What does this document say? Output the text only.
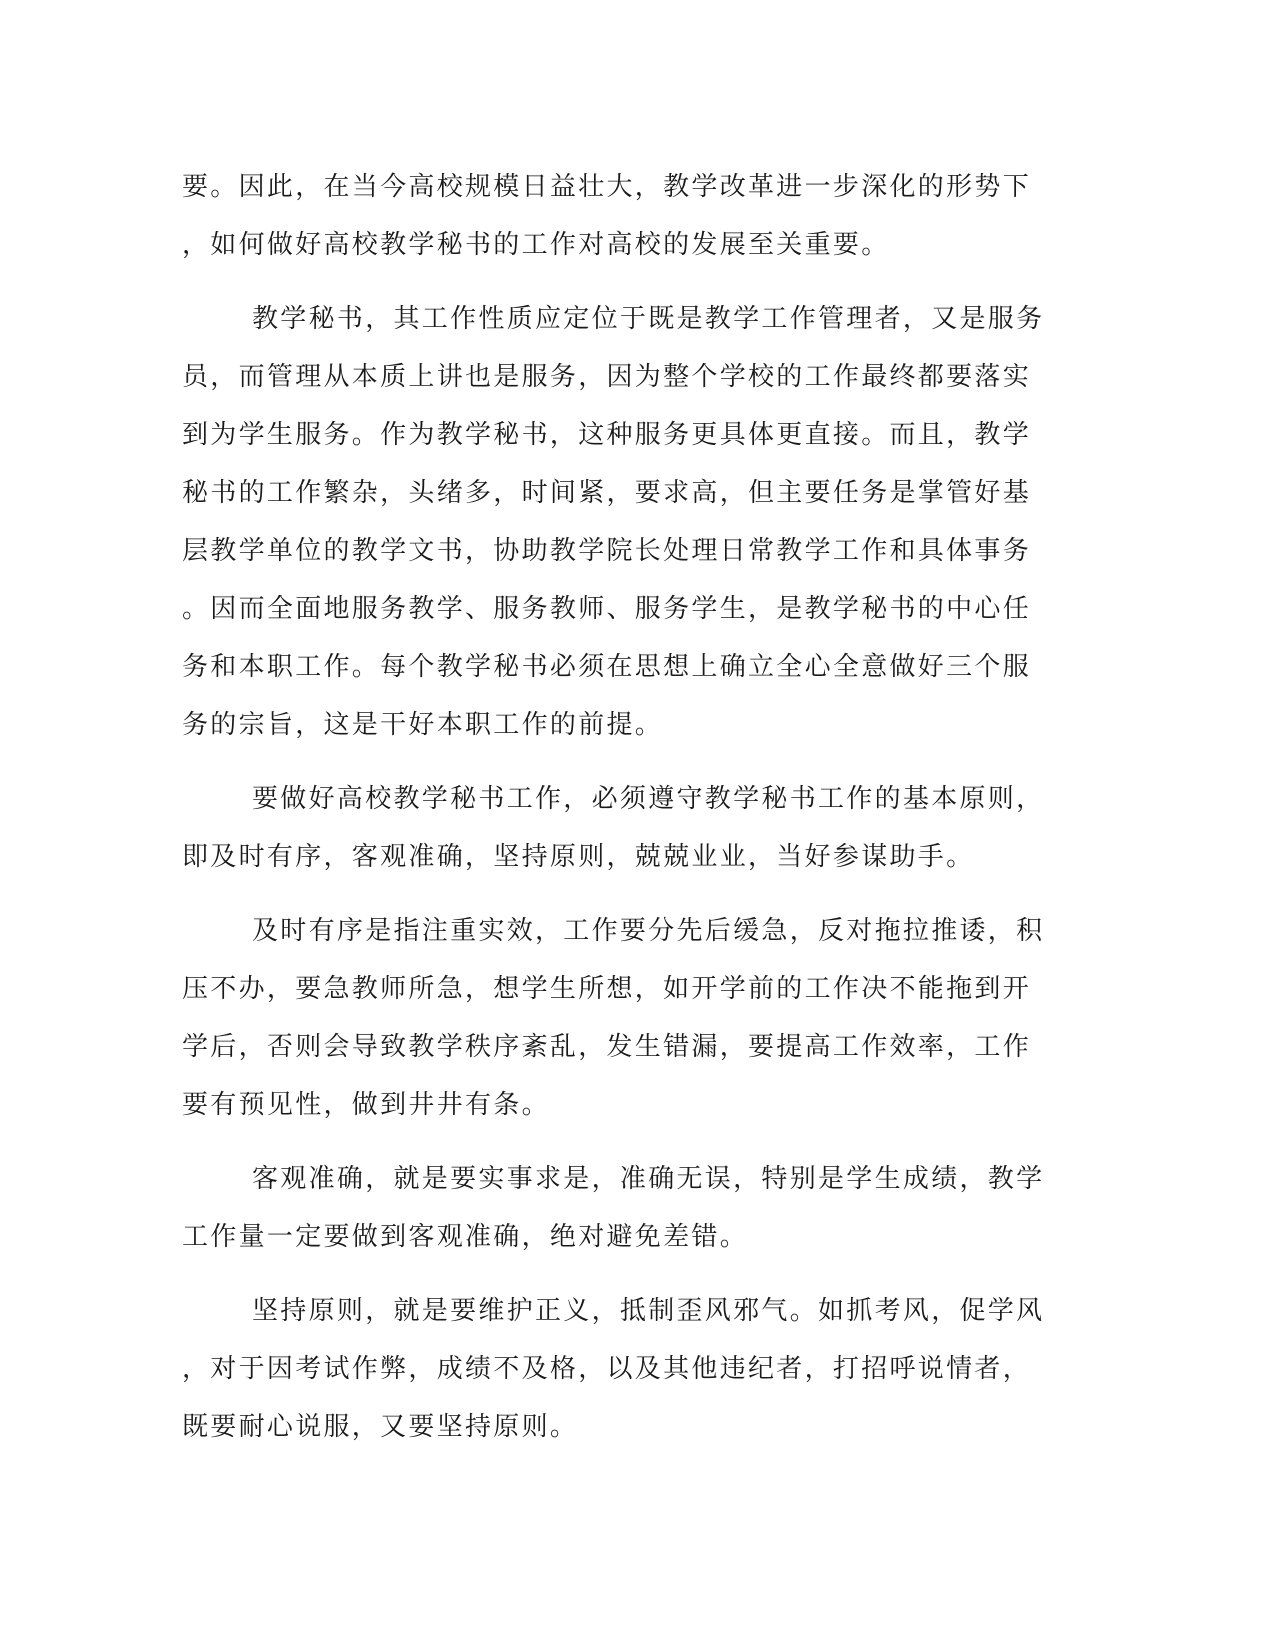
要。因此，在当今高校规模日益壮大，教学改革进一步深化的形势下
，如何做好高校教学秘书的工作对高校的发展至关重要。
教学秘书，其工作性质应定位于既是教学工作管理者，又是服务
员，而管理从本质上讲也是服务，因为整个学校的工作最终都要落实
到为学生服务。作为教学秘书，这种服务更具体更直接。而且，教学
秘书的工作繁杂，头绪多，时间紧，要求高，但主要任务是掌管好基
层教学单位的教学文书，协助教学院长处理日常教学工作和具体事务
。因而全面地服务教学、服务教师、服务学生，是教学秘书的中心任
务和本职工作。每个教学秘书必须在思想上确立全心全意做好三个服
务的宗旨，这是干好本职工作的前提。
要做好高校教学秘书工作，必须遵守教学秘书工作的基本原则，
即及时有序，客观准确，坚持原则，兢兢业业，当好参谋助手。
及时有序是指注重实效，工作要分先后缓急，反对拖拉推诿，积
压不办，要急教师所急，想学生所想，如开学前的工作决不能拖到开
学后，否则会导致教学秩序紊乱，发生错漏，要提高工作效率，工作
要有预见性，做到井井有条。
客观准确，就是要实事求是，准确无误，特别是学生成绩，教学
工作量一定要做到客观准确，绝对避免差错。
坚持原则，就是要维护正义，抵制歪风邪气。如抓考风，促学风
，对于因考试作弊，成绩不及格，以及其他违纪者，打招呼说情者，
既要耐心说服，又要坚持原则。
